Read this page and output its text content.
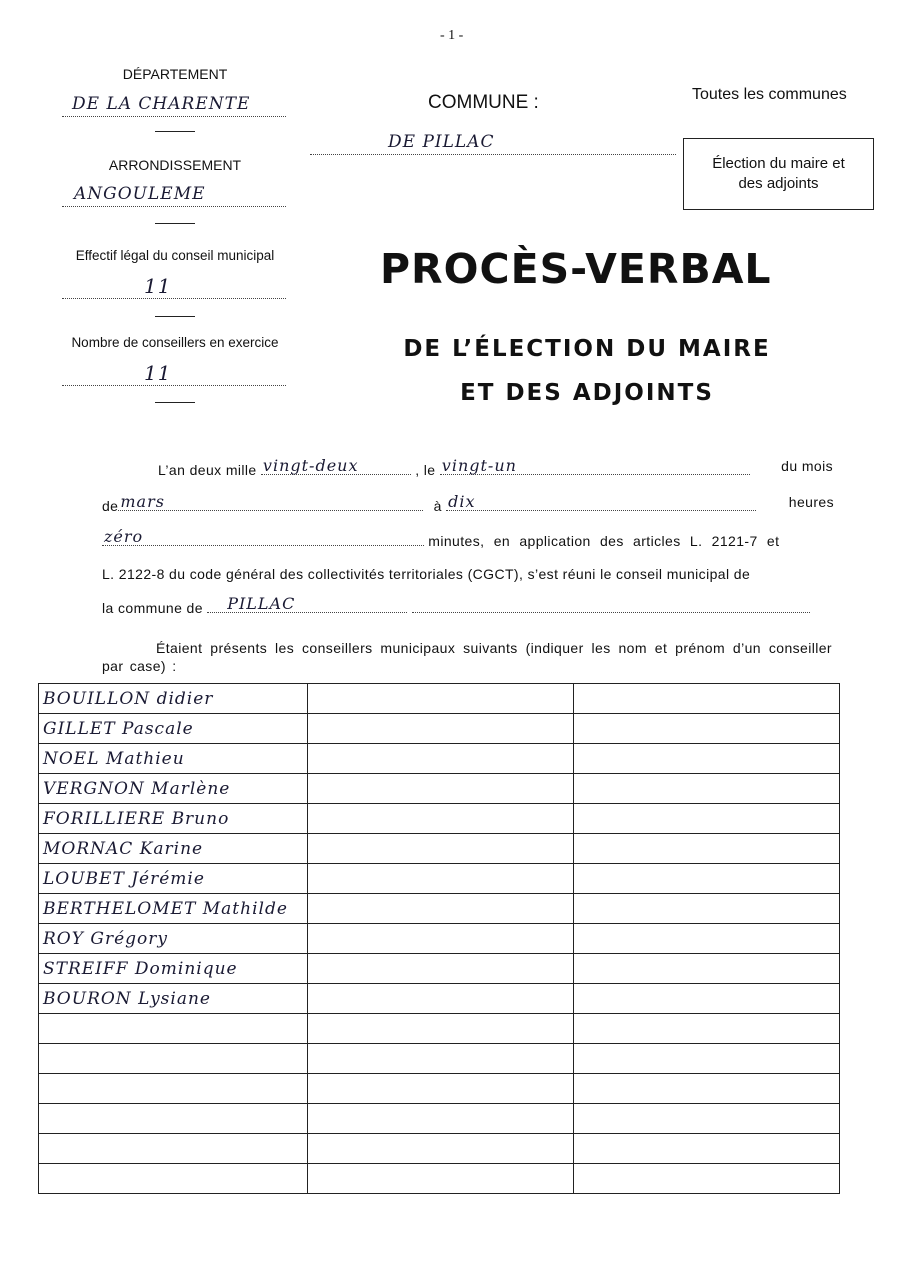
- 1 -
DÉPARTEMENT
DE LA CHARENTE
ARRONDISSEMENT
ANGOULEME
Effectif légal du conseil municipal
11
Nombre de conseillers en exercice
11
COMMUNE :
DE PILLAC
Toutes les communes
Élection du maire et des adjoints
PROCÈS-VERBAL
DE L’ÉLECTION DU MAIRE
ET DES ADJOINTS
L’an deux mille vingt-deux	, le vingt-un	du mois
de mars	à dix	heures
zéro	minutes, en application des articles L. 2121-7 et
L. 2122-8 du code général des collectivités territoriales (CGCT), s’est réuni le conseil municipal de
la commune de PILLAC

Étaient présents les conseillers municipaux suivants (indiquer les nom et prénom d’un conseiller par case) :
BOUILLON didier		
GILLET Pascale		
NOEL Mathieu		
VERGNON Marlène		
FORILLIERE Bruno		
MORNAC Karine		
LOUBET Jérémie		
BERTHELOMET Mathilde		
ROY Grégory		
STREIFF Dominique		
BOURON Lysiane		
